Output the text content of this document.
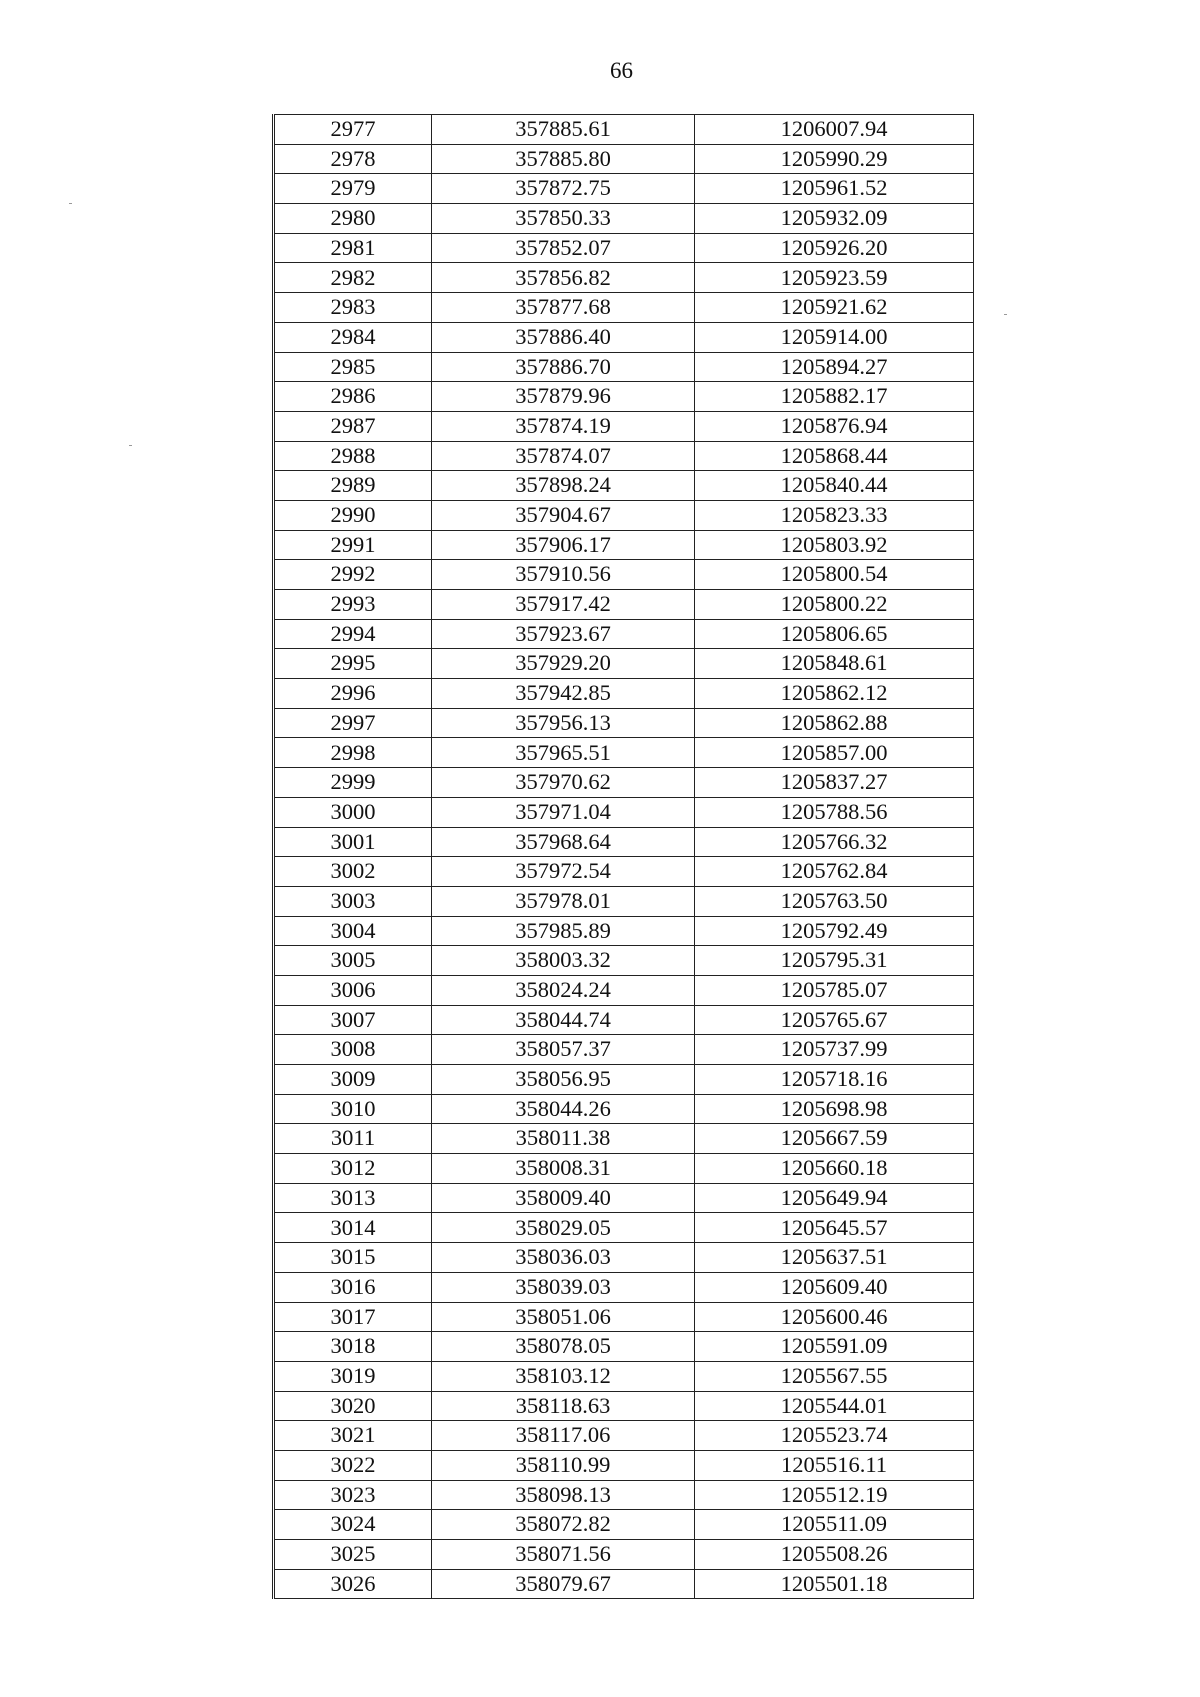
66
2977	357885.61	1206007.94
2978	357885.80	1205990.29
2979	357872.75	1205961.52
2980	357850.33	1205932.09
2981	357852.07	1205926.20
2982	357856.82	1205923.59
2983	357877.68	1205921.62
2984	357886.40	1205914.00
2985	357886.70	1205894.27
2986	357879.96	1205882.17
2987	357874.19	1205876.94
2988	357874.07	1205868.44
2989	357898.24	1205840.44
2990	357904.67	1205823.33
2991	357906.17	1205803.92
2992	357910.56	1205800.54
2993	357917.42	1205800.22
2994	357923.67	1205806.65
2995	357929.20	1205848.61
2996	357942.85	1205862.12
2997	357956.13	1205862.88
2998	357965.51	1205857.00
2999	357970.62	1205837.27
3000	357971.04	1205788.56
3001	357968.64	1205766.32
3002	357972.54	1205762.84
3003	357978.01	1205763.50
3004	357985.89	1205792.49
3005	358003.32	1205795.31
3006	358024.24	1205785.07
3007	358044.74	1205765.67
3008	358057.37	1205737.99
3009	358056.95	1205718.16
3010	358044.26	1205698.98
3011	358011.38	1205667.59
3012	358008.31	1205660.18
3013	358009.40	1205649.94
3014	358029.05	1205645.57
3015	358036.03	1205637.51
3016	358039.03	1205609.40
3017	358051.06	1205600.46
3018	358078.05	1205591.09
3019	358103.12	1205567.55
3020	358118.63	1205544.01
3021	358117.06	1205523.74
3022	358110.99	1205516.11
3023	358098.13	1205512.19
3024	358072.82	1205511.09
3025	358071.56	1205508.26
3026	358079.67	1205501.18
